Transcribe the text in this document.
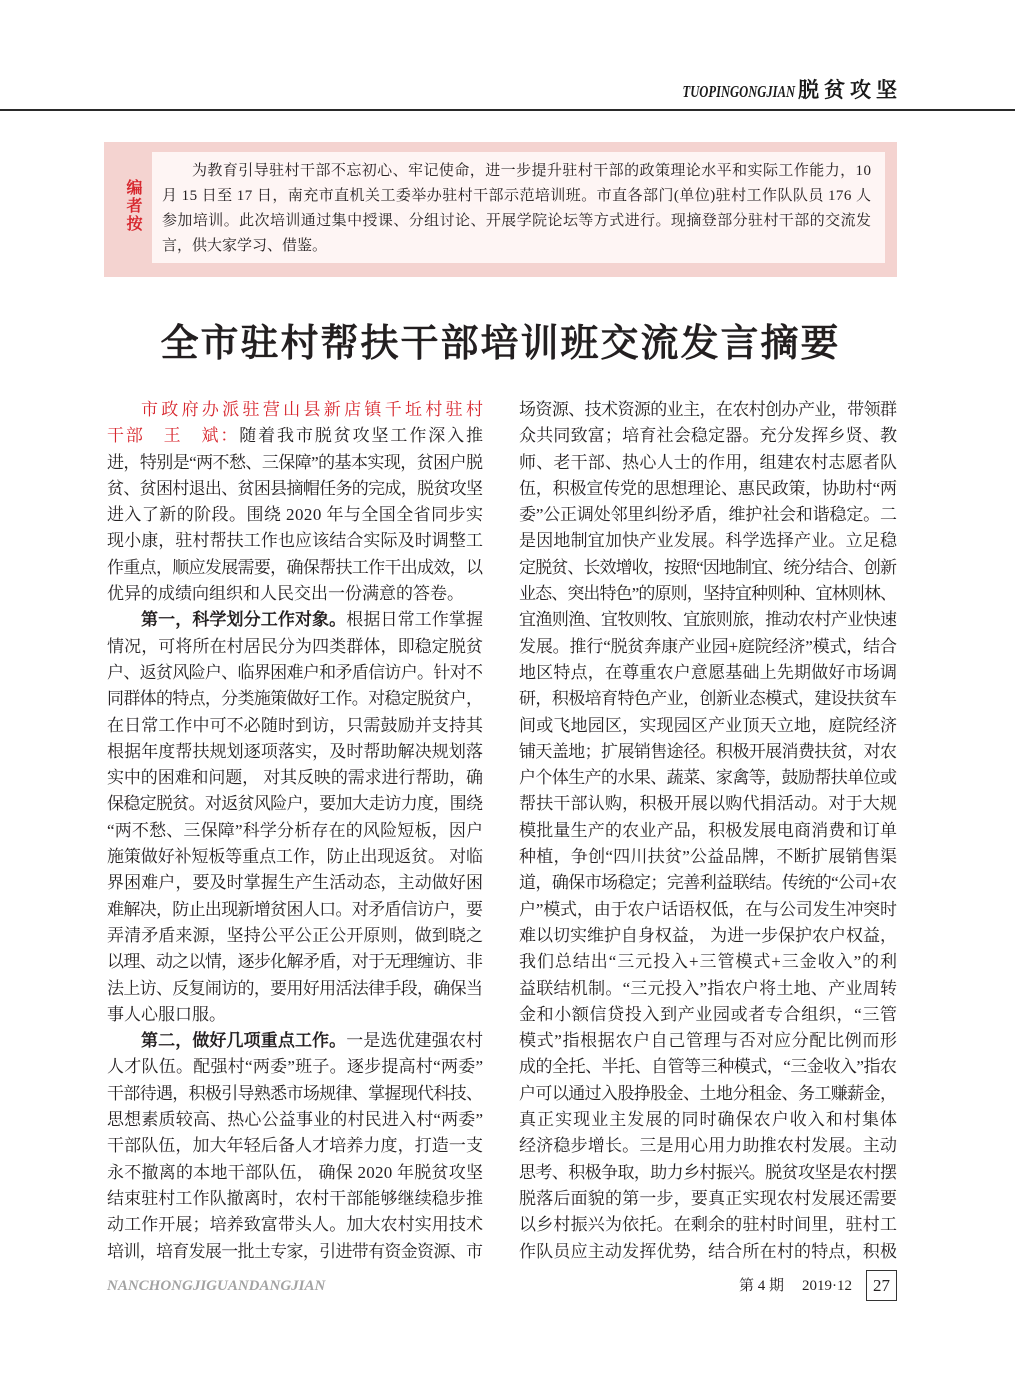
TUOPINGONGJIAN 脱贫攻坚
编者按
为教育引导驻村干部不忘初心、牢记使命，进一步提升驻村干部的政策理论水平和实际工作能力，10
月 15 日至 17 日，南充市直机关工委举办驻村干部示范培训班。市直各部门(单位)驻村工作队队员 176 人
参加培训。此次培训通过集中授课、分组讨论、开展学院论坛等方式进行。现摘登部分驻村干部的交流发
言，供大家学习、借鉴。
全市驻村帮扶干部培训班交流发言摘要
市政府办派驻营山县新店镇千坵村驻村
干部　王　斌：随着我市脱贫攻坚工作深入推
进，特别是“两不愁、三保障”的基本实现，贫困户脱
贫、贫困村退出、贫困县摘帽任务的完成，脱贫攻坚
进入了新的阶段。围绕 2020 年与全国全省同步实
现小康，驻村帮扶工作也应该结合实际及时调整工
作重点，顺应发展需要，确保帮扶工作干出成效，以
优异的成绩向组织和人民交出一份满意的答卷。
第一，科学划分工作对象。根据日常工作掌握
情况，可将所在村居民分为四类群体，即稳定脱贫
户、返贫风险户、临界困难户和矛盾信访户。针对不
同群体的特点，分类施策做好工作。对稳定脱贫户，
在日常工作中可不必随时到访，只需鼓励并支持其
根据年度帮扶规划逐项落实，及时帮助解决规划落
实中的困难和问题， 对其反映的需求进行帮助，确
保稳定脱贫。对返贫风险户，要加大走访力度，围绕
“两不愁、三保障”科学分析存在的风险短板，因户
施策做好补短板等重点工作，防止出现返贫。 对临
界困难户，要及时掌握生产生活动态，主动做好困
难解决，防止出现新增贫困人口。对矛盾信访户，要
弄清矛盾来源，坚持公平公正公开原则，做到晓之
以理、动之以情，逐步化解矛盾，对于无理缠访、非
法上访、反复闹访的，要用好用活法律手段，确保当
事人心服口服。
第二，做好几项重点工作。一是选优建强农村
人才队伍。配强村“两委”班子。逐步提高村“两委”
干部待遇，积极引导熟悉市场规律、掌握现代科技、
思想素质较高、热心公益事业的村民进入村“两委”
干部队伍，加大年轻后备人才培养力度，打造一支
永不撤离的本地干部队伍， 确保 2020 年脱贫攻坚
结束驻村工作队撤离时，农村干部能够继续稳步推
动工作开展；培养致富带头人。加大农村实用技术
培训，培育发展一批土专家，引进带有资金资源、市
场资源、技术资源的业主，在农村创办产业，带领群
众共同致富；培育社会稳定器。充分发挥乡贤、教
师、老干部、热心人士的作用，组建农村志愿者队
伍，积极宣传党的思想理论、惠民政策，协助村“两
委”公正调处邻里纠纷矛盾，维护社会和谐稳定。二
是因地制宜加快产业发展。科学选择产业。立足稳
定脱贫、长效增收，按照“因地制宜、统分结合、创新
业态、突出特色”的原则，坚持宜种则种、宜林则林、
宜渔则渔、宜牧则牧、宜旅则旅，推动农村产业快速
发展。推行“脱贫奔康产业园+庭院经济”模式，结合
地区特点，在尊重农户意愿基础上先期做好市场调
研，积极培育特色产业，创新业态模式，建设扶贫车
间或飞地园区，实现园区产业顶天立地，庭院经济
铺天盖地；扩展销售途径。积极开展消费扶贫，对农
户个体生产的水果、蔬菜、家禽等，鼓励帮扶单位或
帮扶干部认购，积极开展以购代捐活动。对于大规
模批量生产的农业产品，积极发展电商消费和订单
种植，争创“四川扶贫”公益品牌，不断扩展销售渠
道，确保市场稳定；完善利益联结。传统的“公司+农
户”模式，由于农户话语权低，在与公司发生冲突时
难以切实维护自身权益， 为进一步保护农户权益，
我们总结出“三元投入+三管模式+三金收入”的利
益联结机制。“三元投入”指农户将土地、产业周转
金和小额信贷投入到产业园或者专合组织，“三管
模式”指根据农户自己管理与否对应分配比例而形
成的全托、半托、自管等三种模式，“三金收入”指农
户可以通过入股挣股金、土地分租金、务工赚薪金，
真正实现业主发展的同时确保农户收入和村集体
经济稳步增长。三是用心用力助推农村发展。主动
思考、积极争取，助力乡村振兴。脱贫攻坚是农村摆
脱落后面貌的第一步，要真正实现农村发展还需要
以乡村振兴为依托。在剩余的驻村时间里，驻村工
作队员应主动发挥优势，结合所在村的特点，积极
NANCHONGJIGUANDANGJIAN	第 4 期 2019·12	27
